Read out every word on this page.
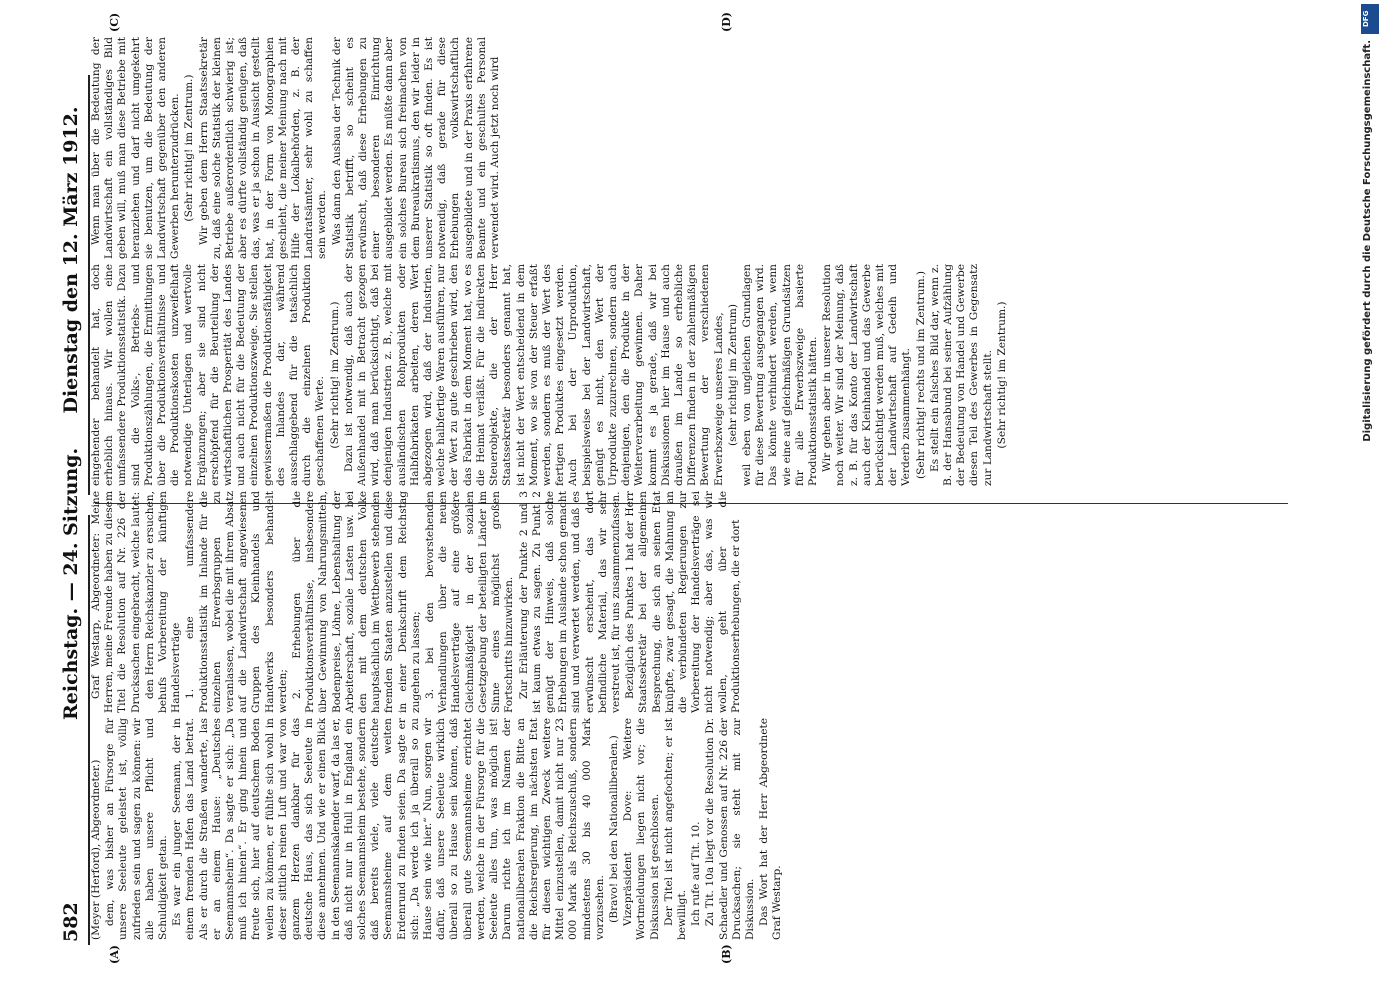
582
Reichstag. — 24. Sitzung.
Dienstag den 12. März 1912.
(A)	(B)
(C)	(D)

(Meyer (Herford), Abgeordneter.) dem, was bisher an Fürsorge für unsere Seeleute geleistet ist, völlig zufrieden sein und sagen zu können: wir alle haben unsere Pflicht und Schuldigkeit getan. Es war ein junger Seemann, der in einem fremden Hafen das Land betrat. Als er durch die Straßen wanderte, las er an einem Hause: „Deutsches Seemannsheim“. Da sagte er sich: „Da muß ich hinein“. Er ging hinein und freute sich, hier auf deutschem Boden weilen zu können, er fühlte sich wohl in dieser sittlich reinen Luft und war von ganzem Herzen dankbar für das deutsche Haus, das sich Seeleute in diese annehmen. Und wie er einen Blick in den Seemannskalender warf, da las er, daß nicht nur in Hull in England ein solches Seemannsheim bestehe, sondern daß bereits viele, viele deutsche Seemannsheime auf dem weiten Erdenrund zu finden seien. Da sagte er sich: „Da werde ich ja überall so zu Hause sein wie hier.“ Nun, sorgen wir dafür, daß unsere Seeleute wirklich überall so zu Hause sein können, daß überall gute Seemannsheime errichtet werden, welche in der Fürsorge für die Seeleute alles tun, was möglich ist! Darum richte ich im Namen der nationalliberalen Fraktion die Bitte an die Reichsregierung, im nächsten Etat für diesen wichtigen Zweck weitere Mittel einzustellen, damit nicht nur 23 000 Mark als Reichszuschuß, sondern mindestens 30 bis 40 000 Mark vorzusehen. (Bravo! bei den Nationalliberalen.) Vizepräsident Dove: Weitere Wortmeldungen liegen nicht vor; die Diskussion ist geschlossen. Der Titel ist nicht angefochten; er ist bewilligt. Ich rufe auf Tit. 10. Zu Tit. 10a liegt vor die Resolution Dr. Schaedler und Genossen auf Nr. 226 der Drucksachen; sie steht mit zur Diskussion. Das Wort hat der Herr Abgeordnete Graf Westarp.

Graf Westarp, Abgeordneter: Meine Herren, meine Freunde haben zu diesem Titel die Resolution auf Nr. 226 der Drucksachen eingebracht, welche lautet: den Herrn Reichskanzler zu ersuchen, behufs Vorbereitung der künftigen Handelsverträge 1. eine umfassendere Produktionsstatistik im Inlande für die einzelnen Erwerbsgruppen zu veranlassen, wobei die mit ihrem Absatz auf die Landwirtschaft angewiesenen Gruppen des Kleinhandels und Handwerks besonders behandelt werden; 2. Erhebungen über die Produktionsverhältnisse, insbesondere über Gewinnung von Nahrungsmitteln, Bodenpreise, Löhne, Lebenshaltung der Arbeiterschaft, soziale Lasten usw. bei den mit dem deutschen Volke hauptsächlich im Wettbewerb stehenden fremden Staaten anzustellen und diese in einer Denkschrift dem Reichstag zugehen zu lassen; 3. bei den bevorstehenden Verhandlungen über die neuen Handelsverträge auf eine größere Gleichmäßigkeit in der sozialen Gesetzgebung der beteiligten Länder im Sinne eines möglichst großen Fortschritts hinzuwirken. Zur Erläuterung der Punkte 2 und 3 ist kaum etwas zu sagen. Zu Punkt 2 genügt der Hinweis, daß solche Erhebungen im Auslande schon gemacht sind und verwertet werden, und daß es erwünscht erscheint, das dort befindliche Material, das wir sehr verstreut ist, für uns zusammenzufassen. Bezüglich des Punktes 1 hat der Herr Staatssekretär bei der allgemeinen Besprechung, die sich an seinen Etat knüpfte, zwar gesagt, die Mahnung an die verbündeten Regierungen zur Vorbereitung der Handelsverträge sei nicht notwendig; aber das, was wir wollen, geht über die Produktionserhebungen, die er dort

eingehender behandelt hat, doch erheblich hinaus. Wir wollen eine umfassendere Produktionsstatistik. Dazu sind die Volks-, Betriebs- und Produktionszählungen, die Ermittlungen über die Produktionsverhältnisse und die Produktionskosten unzweifelhaft notwendige Unterlagen und wertvolle Ergänzungen; aber sie sind nicht erschöpfend für die Beurteilung der wirtschaftlichen Prosperität des Landes und auch nicht für die Bedeutung der einzelnen Produktionszweige. Sie stellen gewissermaßen die Produktionsfähigkeit des Inlandes dar, während ausschlaggebend für die tatsächlich durch die einzelnen Produktion geschaffenen Werte. (Sehr richtig! im Zentrum.) Dazu ist notwendig, daß auch der Außenhandel mit in Betracht gezogen wird, daß man berücksichtigt, daß bei denjenigen Industrien z. B., welche mit ausländischen Rohprodukten oder Halbfabrikaten arbeiten, deren Wert abgezogen wird, daß der Industrien, welche halbfertige Waren ausführen, nur der Wert zu gute geschrieben wird, den das Fabrikat in dem Moment hat, wo es die Heimat verläßt. Für die indirekten Steuerobjekte, die der Herr Staatssekretär besonders genannt hat, ist nicht der Wert entscheidend in dem Moment, wo sie von der Steuer erfaßt werden, sondern es muß der Wert des fertigen Produktes eingesetzt werden. Auch bei der Urproduktion, beispielsweise bei der Landwirtschaft, genügt es nicht, den Wert der Urprodukte zuzurechnen, sondern auch denjenigen, den die Produkte in der Weiterverarbeitung gewinnen. Daher kommt es ja gerade, daß wir bei Diskussionen hier im Hause und auch draußen im Lande so erhebliche Differenzen finden in der zahlenmäßigen Bewertung der verschiedenen Erwerbszweige unseres Landes, (sehr richtig! im Zentrum) weil eben von ungleichen Grundlagen für diese Bewertung ausgegangen wird. Das könnte verhindert werden, wenn wie eine auf gleichmäßigen Grundsätzen für alle Erwerbszweige basierte Produktionsstatistik hätten. Wir gehen aber in unserer Resolution noch weiter. Wir sind der Meinung, daß z. B. für das Konto der Landwirtschaft auch der Kleinhandel und das Gewerbe berücksichtigt werden muß, welches mit der Landwirtschaft auf Gedeih und Verderb zusammenhängt. (Sehr richtig! rechts und im Zentrum.) Es stellt ein falsches Bild dar, wenn z. B. der Hansabund bei seiner Aufzählung der Bedeutung von Handel und Gewerbe diesen Teil des Gewerbes in Gegensatz zur Landwirtschaft stellt. (Sehr richtig! im Zentrum.)

Wenn man über die Bedeutung der Landwirtschaft ein vollständiges Bild geben will, muß man diese Betriebe mit heranziehen und darf nicht umgekehrt sie benutzen, um die Bedeutung der Landwirtschaft gegenüber den anderen Gewerben herunterzudrücken. (Sehr richtig! im Zentrum.) Wir geben dem Herrn Staatssekretär zu, daß eine solche Statistik der kleinen Betriebe außerordentlich schwierig ist; aber es dürfte vollständig genügen, daß das, was er ja schon in Aussicht gestellt hat, in der Form von Monographien geschieht, die meiner Meinung nach mit Hilfe der Lokalbehörden, z. B. der Landratsämter, sehr wohl zu schaffen sein werden. Was dann den Ausbau der Technik der Statistik betrifft, so scheint es erwünscht, daß diese Erhebungen zu einer besonderen Einrichtung ausgebildet werden. Es müßte dann aber ein solches Bureau sich freimachen von dem Bureaukratismus, den wir leider in unserer Statistik so oft finden. Es ist notwendig, daß gerade für diese Erhebungen volkswirtschaftlich ausgebildete und in der Praxis erfahrene Beamte und ein geschultes Personal verwendet wird. Auch jetzt noch wird

DFG
Digitalisierung gefördert durch die Deutsche Forschungsgemeinschaft.
